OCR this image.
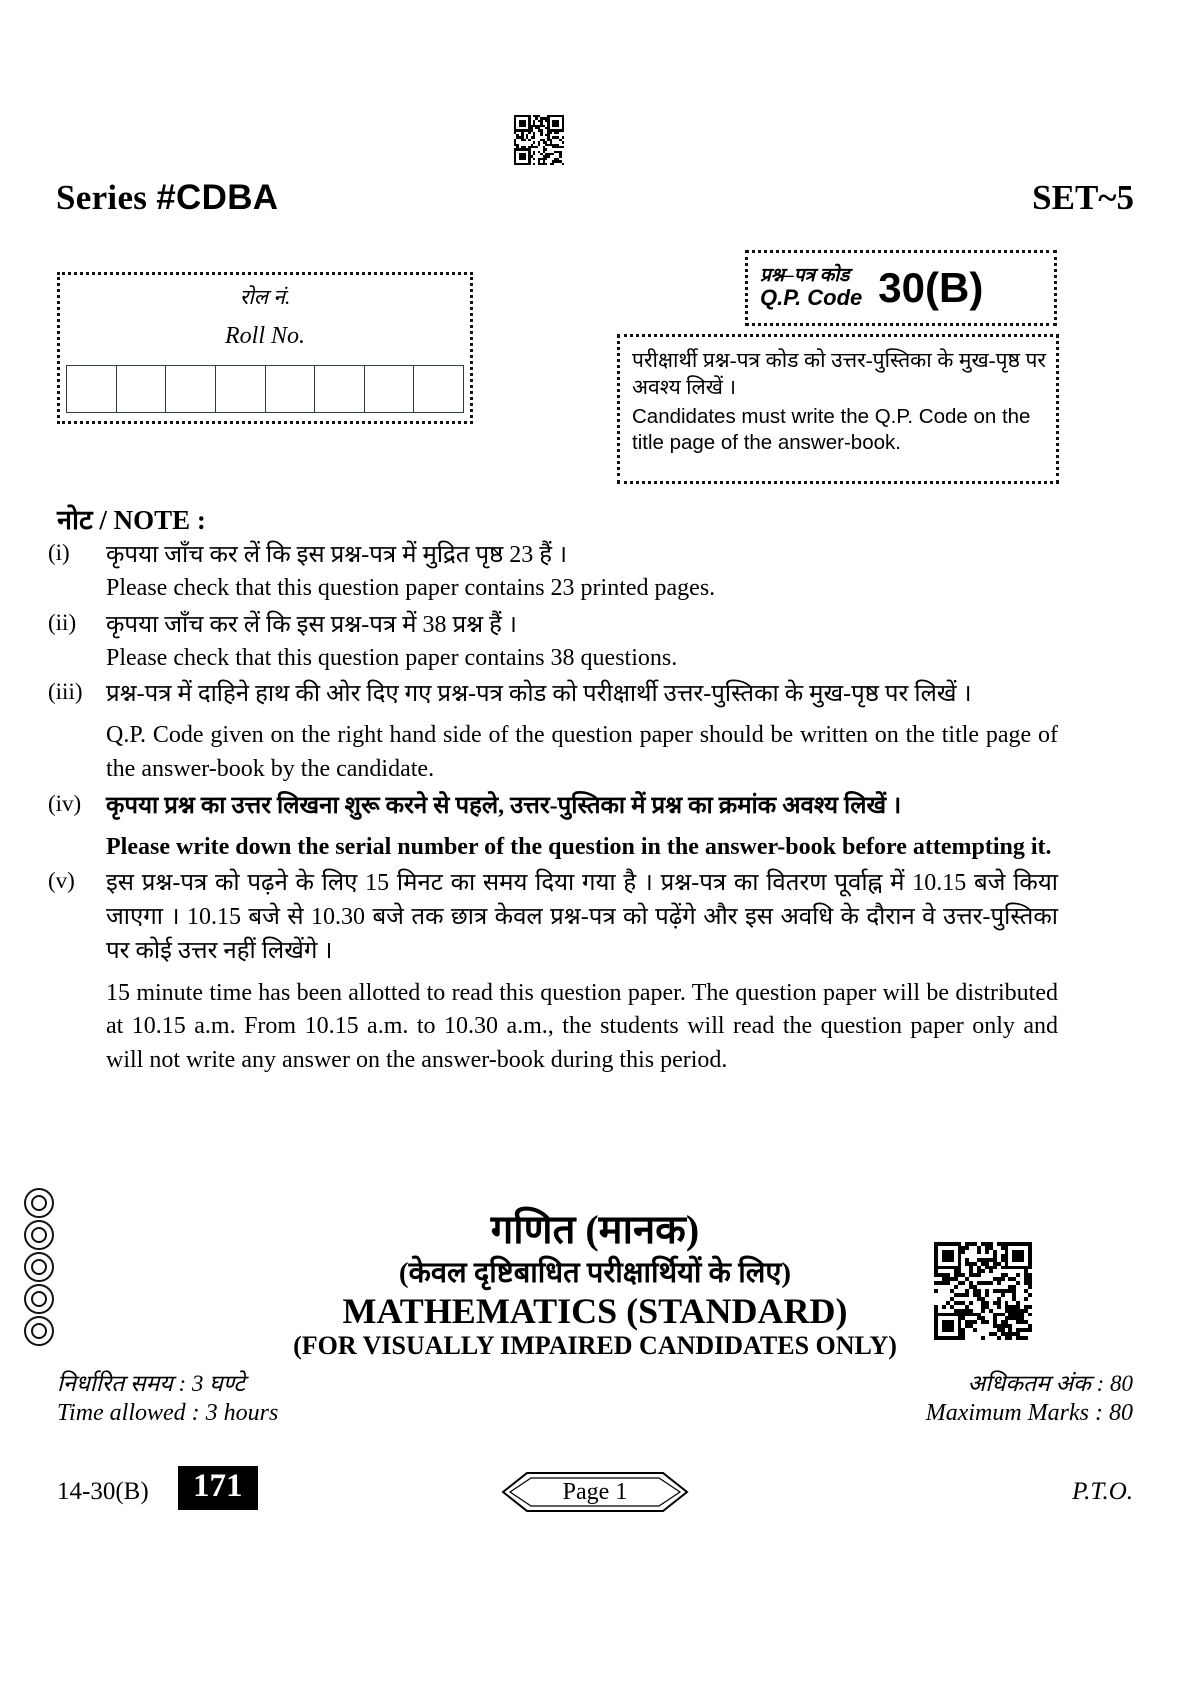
Series #CDBA	SET~5
रोल नं.
Roll No.
प्रश्न–पत्र कोड
Q.P. Code 30(B)
परीक्षार्थी प्रश्न-पत्र कोड को उत्तर-पुस्तिका के मुख-पृष्ठ पर अवश्य लिखें ।
Candidates must write the Q.P. Code on the title page of the answer-book.
नोट / NOTE :
(i)	कृपया जाँच कर लें कि इस प्रश्न-पत्र में मुद्रित पृष्ठ 23 हैं ।
Please check that this question paper contains 23 printed pages.
(ii)	कृपया जाँच कर लें कि इस प्रश्न-पत्र में 38 प्रश्न हैं ।
Please check that this question paper contains 38 questions.
(iii) प्रश्न-पत्र में दाहिने हाथ की ओर दिए गए प्रश्न-पत्र कोड को परीक्षार्थी उत्तर-पुस्तिका के मुख-पृष्ठ पर लिखें ।
Q.P. Code given on the right hand side of the question paper should be written on the title page of the answer-book by the candidate.
(iv)	कृपया प्रश्न का उत्तर लिखना शुरू करने से पहले, उत्तर-पुस्तिका में प्रश्न का क्रमांक अवश्य लिखें ।
Please write down the serial number of the question in the answer-book before attempting it.
(v)	इस प्रश्न-पत्र को पढ़ने के लिए 15 मिनट का समय दिया गया है । प्रश्न-पत्र का वितरण पूर्वाह्न में 10.15 बजे किया जाएगा । 10.15 बजे से 10.30 बजे तक छात्र केवल प्रश्न-पत्र को पढ़ेंगे और इस अवधि के दौरान वे उत्तर-पुस्तिका पर कोई उत्तर नहीं लिखेंगे ।
15 minute time has been allotted to read this question paper. The question paper will be distributed at 10.15 a.m. From 10.15 a.m. to 10.30 a.m., the students will read the question paper only and will not write any answer on the answer-book during this period.
गणित (मानक)
(केवल दृष्टिबाधित परीक्षार्थियों के लिए)
MATHEMATICS (STANDARD)
(FOR VISUALLY IMPAIRED CANDIDATES ONLY)
निर्धारित समय : 3 घण्टे
Time allowed : 3 hours
अधिकतम अंक : 80
Maximum Marks : 80
14-30(B)	171	Page 1	P.T.O.
